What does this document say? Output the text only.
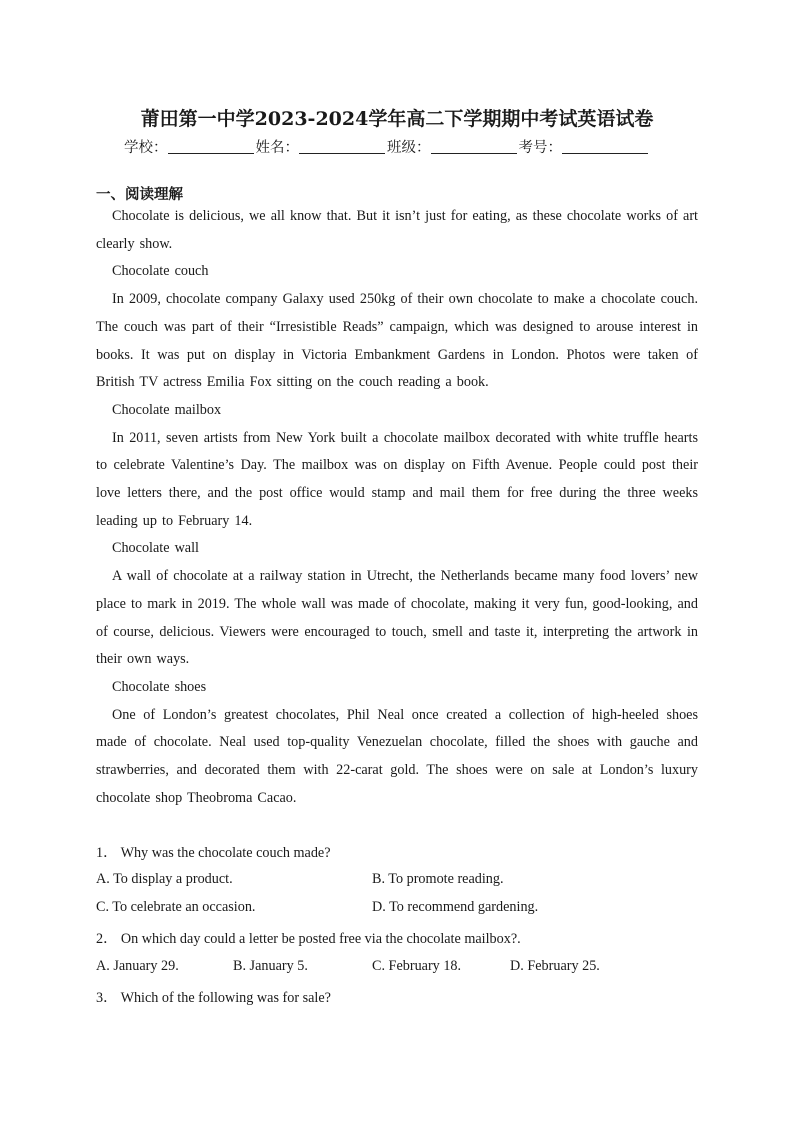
莆田第一中学2023-2024学年高二下学期期中考试英语试卷
学校：	姓名：	班级：	考号：
一、阅读理解

Chocolate is delicious, we all know that. But it isn’t just for eating, as these chocolate works of art clearly show.

Chocolate couch

In 2009, chocolate company Galaxy used 250kg of their own chocolate to make a chocolate couch. The couch was part of their “Irresistible Reads” campaign, which was designed to arouse interest in books. It was put on display in Victoria Embankment Gardens in London. Photos were taken of British TV actress Emilia Fox sitting on the couch reading a book.

Chocolate mailbox

In 2011, seven artists from New York built a chocolate mailbox decorated with white truffle hearts to celebrate Valentine’s Day. The mailbox was on display on Fifth Avenue. People could post their love letters there, and the post office would stamp and mail them for free during the three weeks leading up to February 14.

Chocolate wall

A wall of chocolate at a railway station in Utrecht, the Netherlands became many food lovers’ new place to mark in 2019. The whole wall was made of chocolate, making it very fun, good-looking, and of course, delicious. Viewers were encouraged to touch, smell and taste it, interpreting the artwork in their own ways.

Chocolate shoes

One of London’s greatest chocolates, Phil Neal once created a collection of high-heeled shoes made of chocolate. Neal used top-quality Venezuelan chocolate, filled the shoes with gauche and strawberries, and decorated them with 22-carat gold. The shoes were on sale at London’s luxury chocolate shop Theobroma Cacao.

1． Why was the chocolate couch made?
A. To display a product.	B. To promote reading.
C. To celebrate an occasion.	D. To recommend gardening.
2． On which day could a letter be posted free via the chocolate mailbox?.
A. January 29.	B. January 5.	C. February 18.	D. February 25.
3． Which of the following was for sale?
